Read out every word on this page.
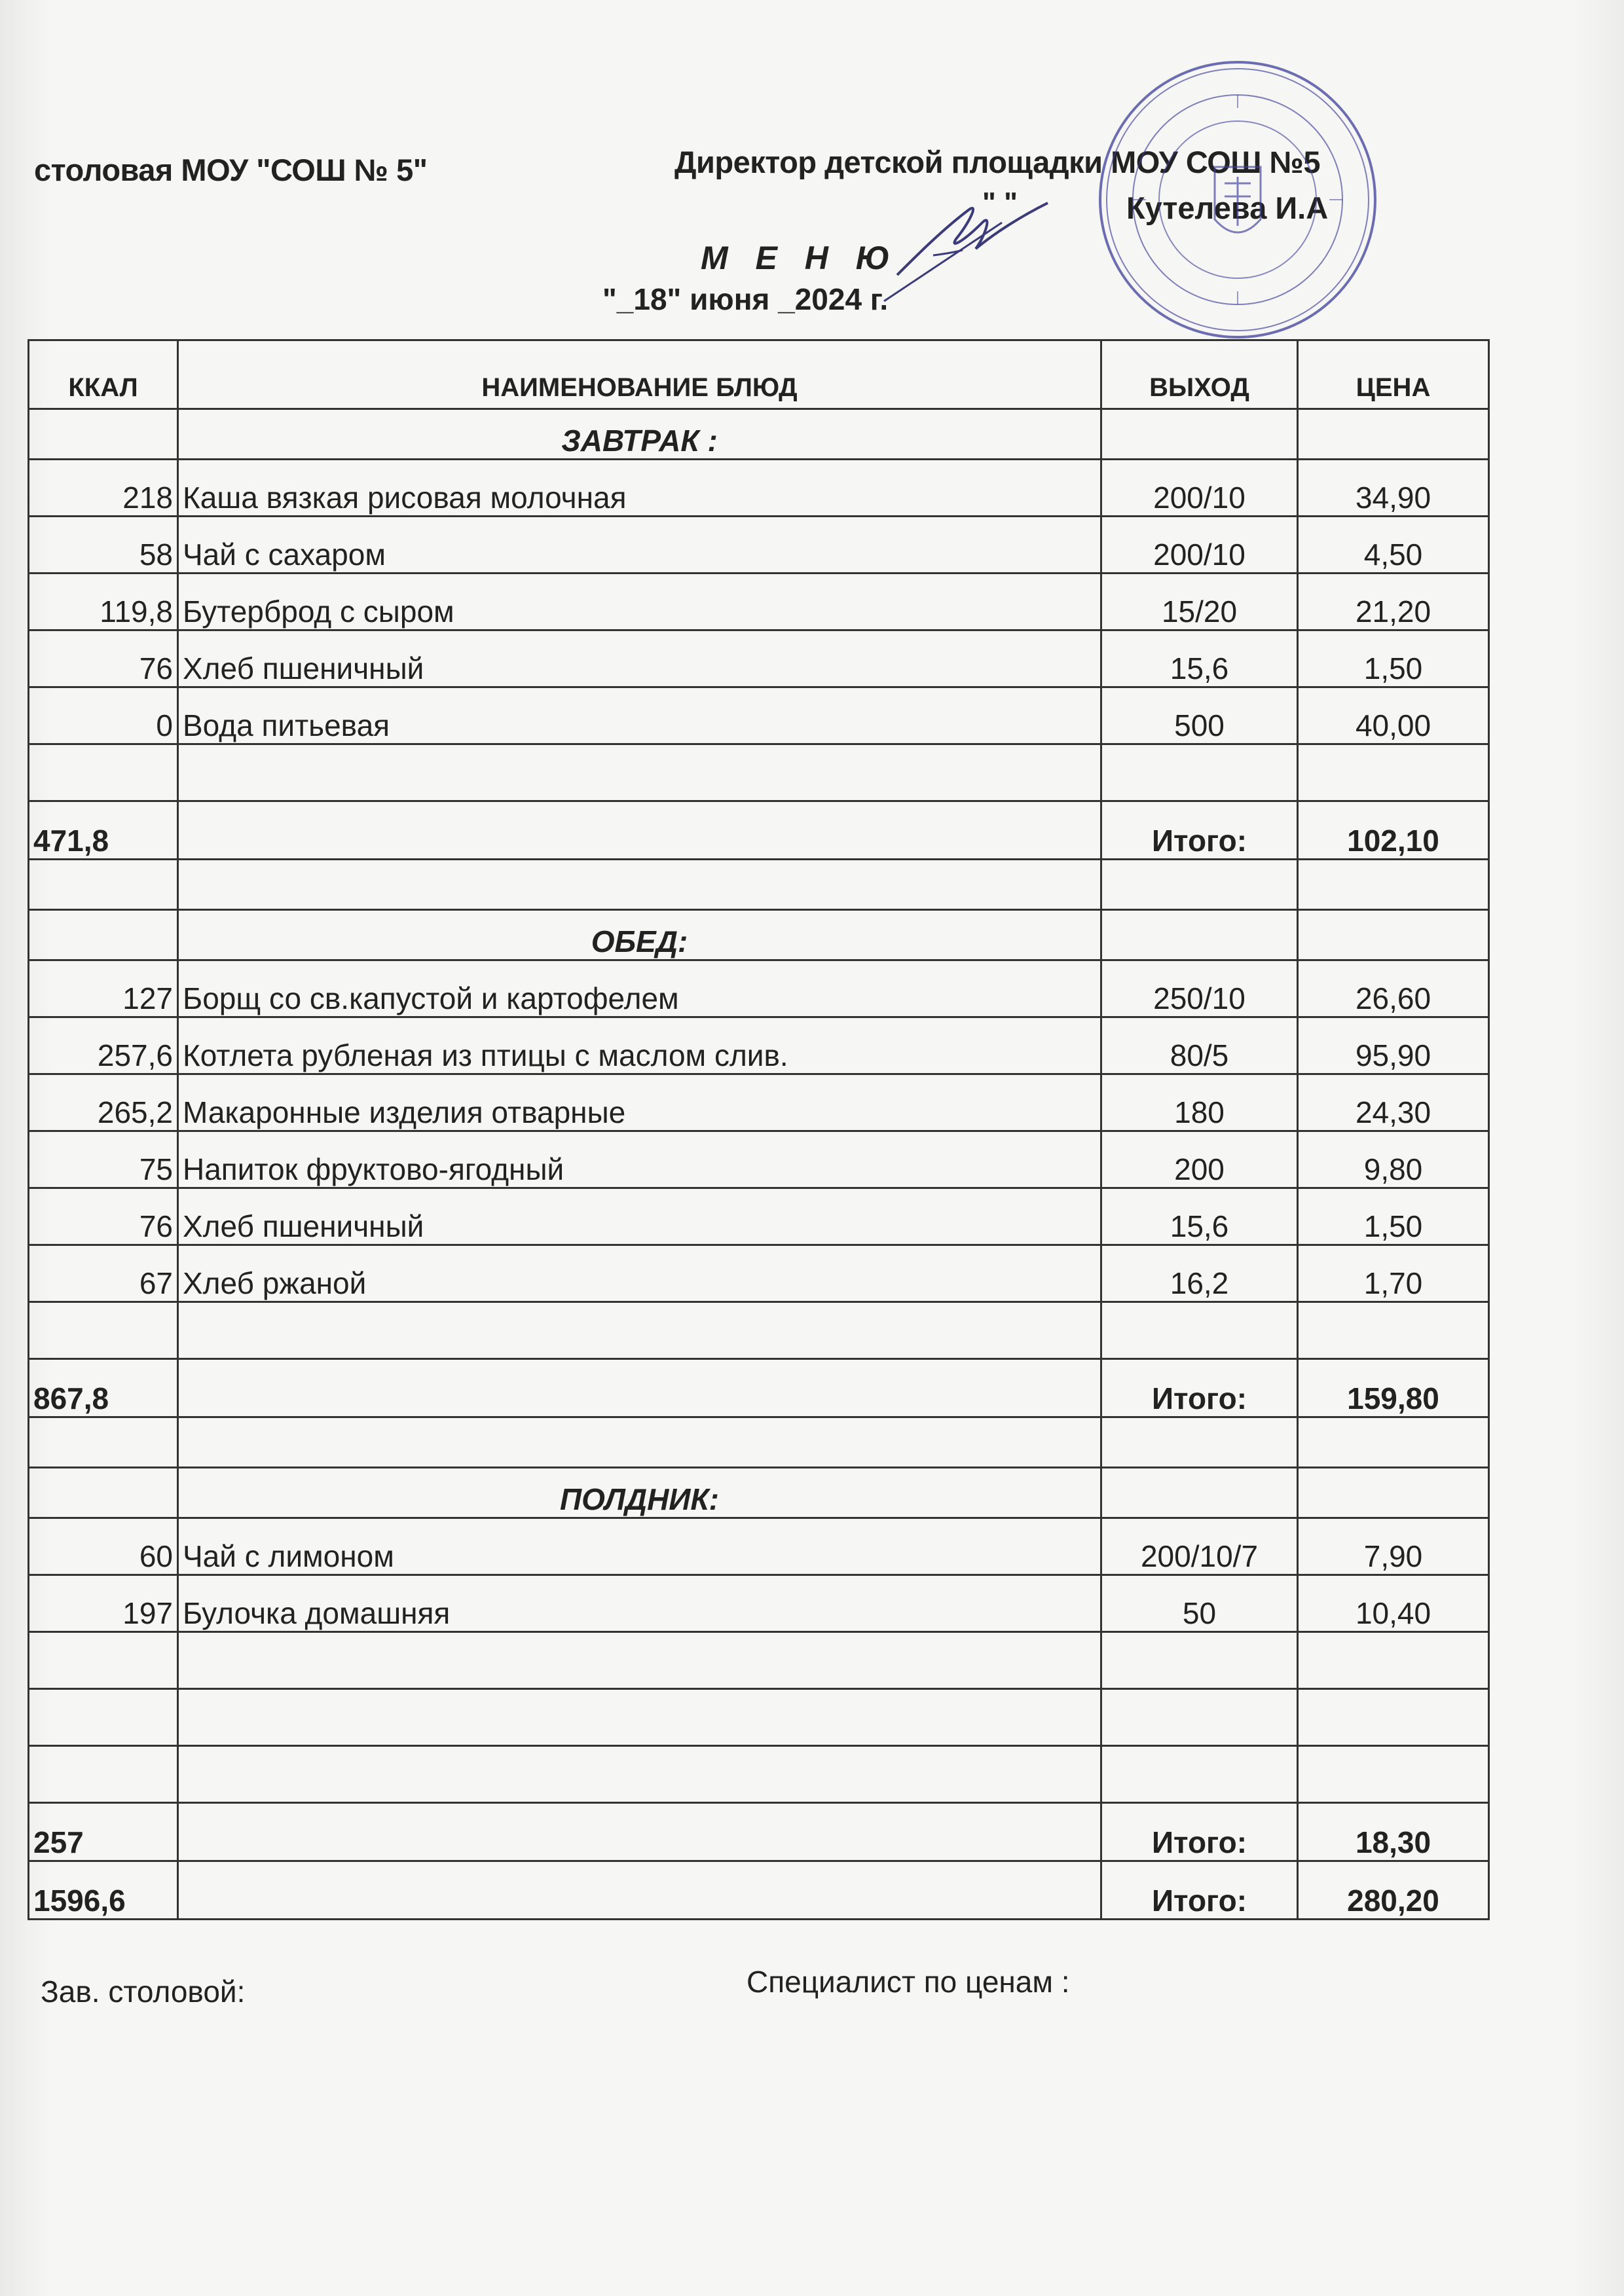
столовая МОУ "СОШ № 5"	Директор детской площадки МОУ СОШ №5
" "	Кутелева И.А
М Е Н Ю
"_18" июня _2024 г.
ККАЛ	НАИМЕНОВАНИЕ БЛЮД	ВЫХОД	ЦЕНА
	ЗАВТРАК :		
218	Каша вязкая рисовая молочная	200/10	34,90
58	Чай с сахаром	200/10	4,50
119,8	Бутерброд с сыром	15/20	21,20
76	Хлеб пшеничный	15,6	1,50
0	Вода питьевая	500	40,00

471,8		Итого:	102,10

	ОБЕД:		
127	Борщ со св.капустой и картофелем	250/10	26,60
257,6	Котлета рубленая из птицы с маслом слив.	80/5	95,90
265,2	Макаронные изделия отварные	180	24,30
75	Напиток фруктово-ягодный	200	9,80
76	Хлеб пшеничный	15,6	1,50
67	Хлеб ржаной	16,2	1,70

867,8		Итого:	159,80

	ПОЛДНИК:		
60	Чай с лимоном	200/10/7	7,90
197	Булочка домашняя	50	10,40

257		Итого:	18,30
1596,6		Итого:	280,20
Зав. столовой:	Специалист по ценам :
